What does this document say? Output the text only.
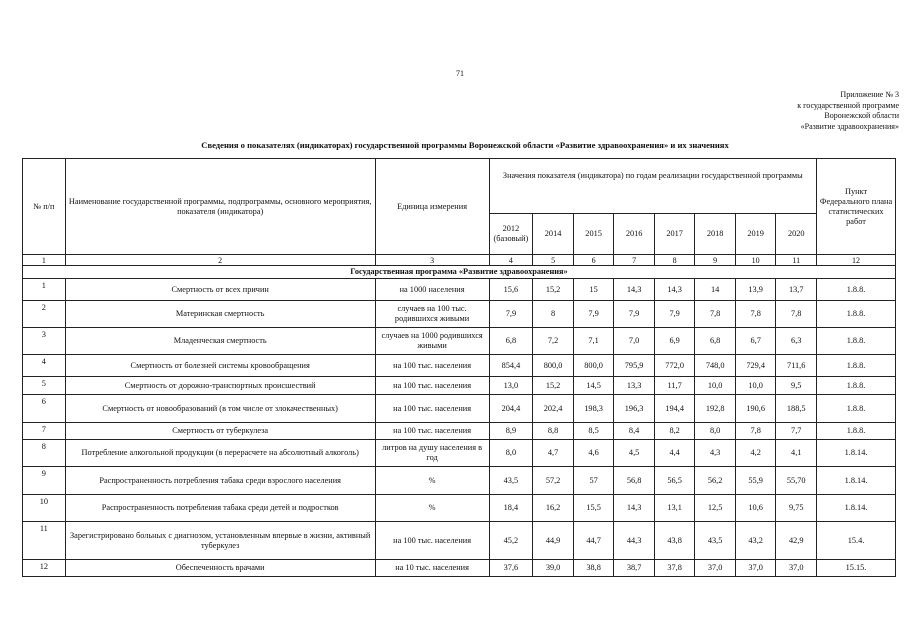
71
Приложение № 3
к государственной программе
Воронежской области
«Развитие здравоохранения»
Сведения о показателях (индикаторах) государственной программы Воронежской области «Развитие здравоохранения» и их значениях
№ п/п	Наименование государственной программы, подпрограммы, основного мероприятия, показателя (индикатора)	Единица измерения	Значения показателя (индикатора) по годам реализации государственной программы								Пункт Федерального плана статистических работ
			2012 (базовый)	2014	2015	2016	2017	2018	2019	2020	
1	2	3	4	5	6	7	8	9	10	11	12
Государственная программа «Развитие здравоохранения»											
1	Смертность от всех причин	на 1000 населения	15,6	15,2	15	14,3	14,3	14	13,9	13,7	1.8.8.
2	Материнская смертность	случаев на 100 тыс. родившихся живыми	7,9	8	7,9	7,9	7,9	7,8	7,8	7,8	1.8.8.
3	Младенческая смертность	случаев на 1000 родившихся живыми	6,8	7,2	7,1	7,0	6,9	6,8	6,7	6,3	1.8.8.
4	Смертность от болезней системы кровообращения	на 100 тыс. населения	854,4	800,0	800,0	795,9	772,0	748,0	729,4	711,6	1.8.8.
5	Смертность от дорожно-транспортных происшествий	на 100 тыс. населения	13,0	15,2	14,5	13,3	11,7	10,0	10,0	9,5	1.8.8.
6	Смертность от новообразований (в том числе от злокачественных)	на 100 тыс. населения	204,4	202,4	198,3	196,3	194,4	192,8	190,6	188,5	1.8.8.
7	Смертность от туберкулеза	на 100 тыс. населения	8,9	8,8	8,5	8,4	8,2	8,0	7,8	7,7	1.8.8.
8	Потребление алкогольной продукции (в перерасчете на абсолютный алкоголь)	литров на душу населения в год	8,0	4,7	4,6	4,5	4,4	4,3	4,2	4,1	1.8.14.
9	Распространенность потребления табака среди взрослого населения	%	43,5	57,2	57	56,8	56,5	56,2	55,9	55,70	1.8.14.
10	Распространенность потребления табака среди детей и подростков	%	18,4	16,2	15,5	14,3	13,1	12,5	10,6	9,75	1.8.14.
11	Зарегистрировано больных с диагнозом, установленным впервые в жизни, активный туберкулез	на 100 тыс. населения	45,2	44,9	44,7	44,3	43,8	43,5	43,2	42,9	15.4.
12	Обеспеченность врачами	на 10 тыс. населения	37,6	39,0	38,8	38,7	37,8	37,0	37,0	37,0	15.15.
